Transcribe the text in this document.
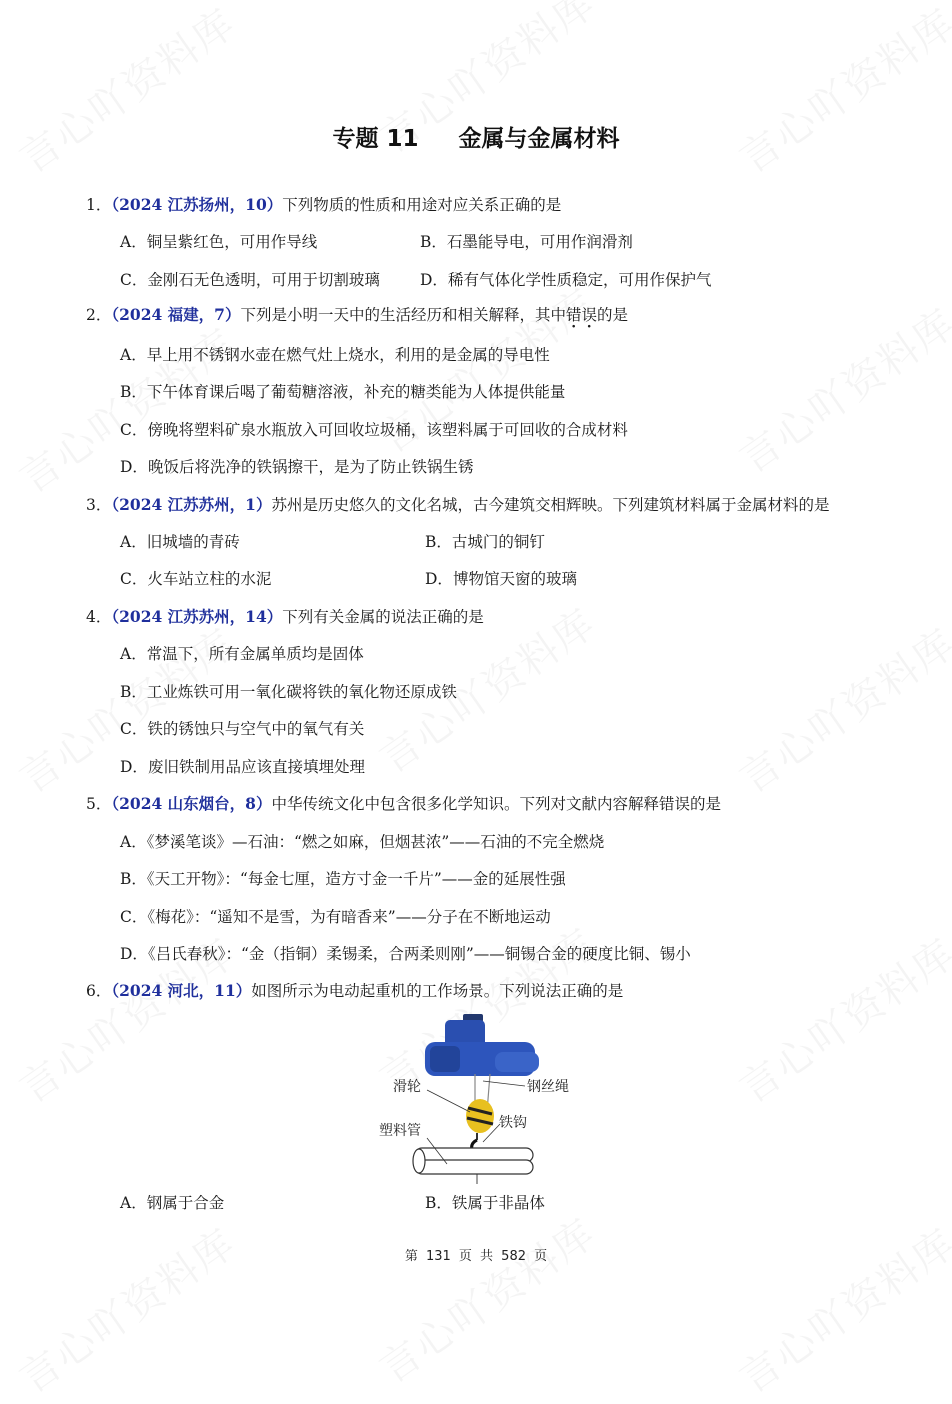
专题 11 金属与金属材料
1．（2024 江苏扬州，10）下列物质的性质和用途对应关系正确的是
A．铜呈紫红色，可用作导线	B．石墨能导电，可用作润滑剂
C．金刚石无色透明，可用于切割玻璃	D．稀有气体化学性质稳定，可用作保护气
2．（2024 福建，7）下列是小明一天中的生活经历和相关解释，其中错误的是
A．早上用不锈钢水壶在燃气灶上烧水，利用的是金属的导电性
B．下午体育课后喝了葡萄糖溶液，补充的糖类能为人体提供能量
C．傍晚将塑料矿泉水瓶放入可回收垃圾桶，该塑料属于可回收的合成材料
D．晚饭后将洗净的铁锅擦干，是为了防止铁锅生锈
3．（2024 江苏苏州，1）苏州是历史悠久的文化名城，古今建筑交相辉映。下列建筑材料属于金属材料的是
A．旧城墙的青砖	B．古城门的铜钉
C．火车站立柱的水泥	D．博物馆天窗的玻璃
4．（2024 江苏苏州，14）下列有关金属的说法正确的是
A．常温下，所有金属单质均是固体
B．工业炼铁可用一氧化碳将铁的氧化物还原成铁
C．铁的锈蚀只与空气中的氧气有关
D．废旧铁制用品应该直接填埋处理
5．（2024 山东烟台，8）中华传统文化中包含很多化学知识。下列对文献内容解释错误的是
A．《梦溪笔谈》—石油：“燃之如麻，但烟甚浓”——石油的不完全燃烧
B．《天工开物》：“每金七厘，造方寸金一千片”——金的延展性强
C．《梅花》：“遥知不是雪，为有暗香来”——分子在不断地运动
D．《吕氏春秋》：“金（指铜）柔锡柔，合两柔则刚”——铜锡合金的硬度比铜、锡小
6．（2024 河北，11）如图所示为电动起重机的工作场景。下列说法正确的是
滑轮	钢丝绳
塑料管	铁钩
A．钢属于合金	B．铁属于非晶体
第 131 页 共 582 页
